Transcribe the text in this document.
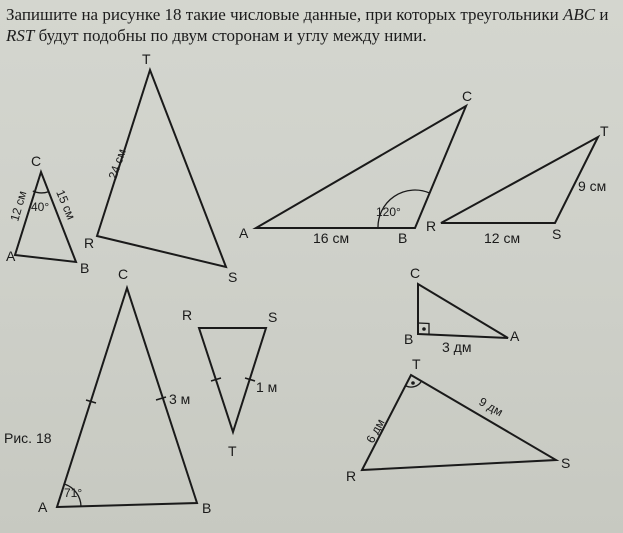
Запишите на рисунке 18 такие числовые данные, при которых треугольники ABC и RST будут подобны по двум сторонам и углу между ними.

40°
12 см 15 см
C
A
B
24 см
T
R
S
120°
16 см
C
A	B	12 см
9 см
T
R	S
71°
3 м
C
A	B
1 м
R	S
T
3 дм
C
B	A
6 дм
9 дм
T
R
S
Рис. 18
